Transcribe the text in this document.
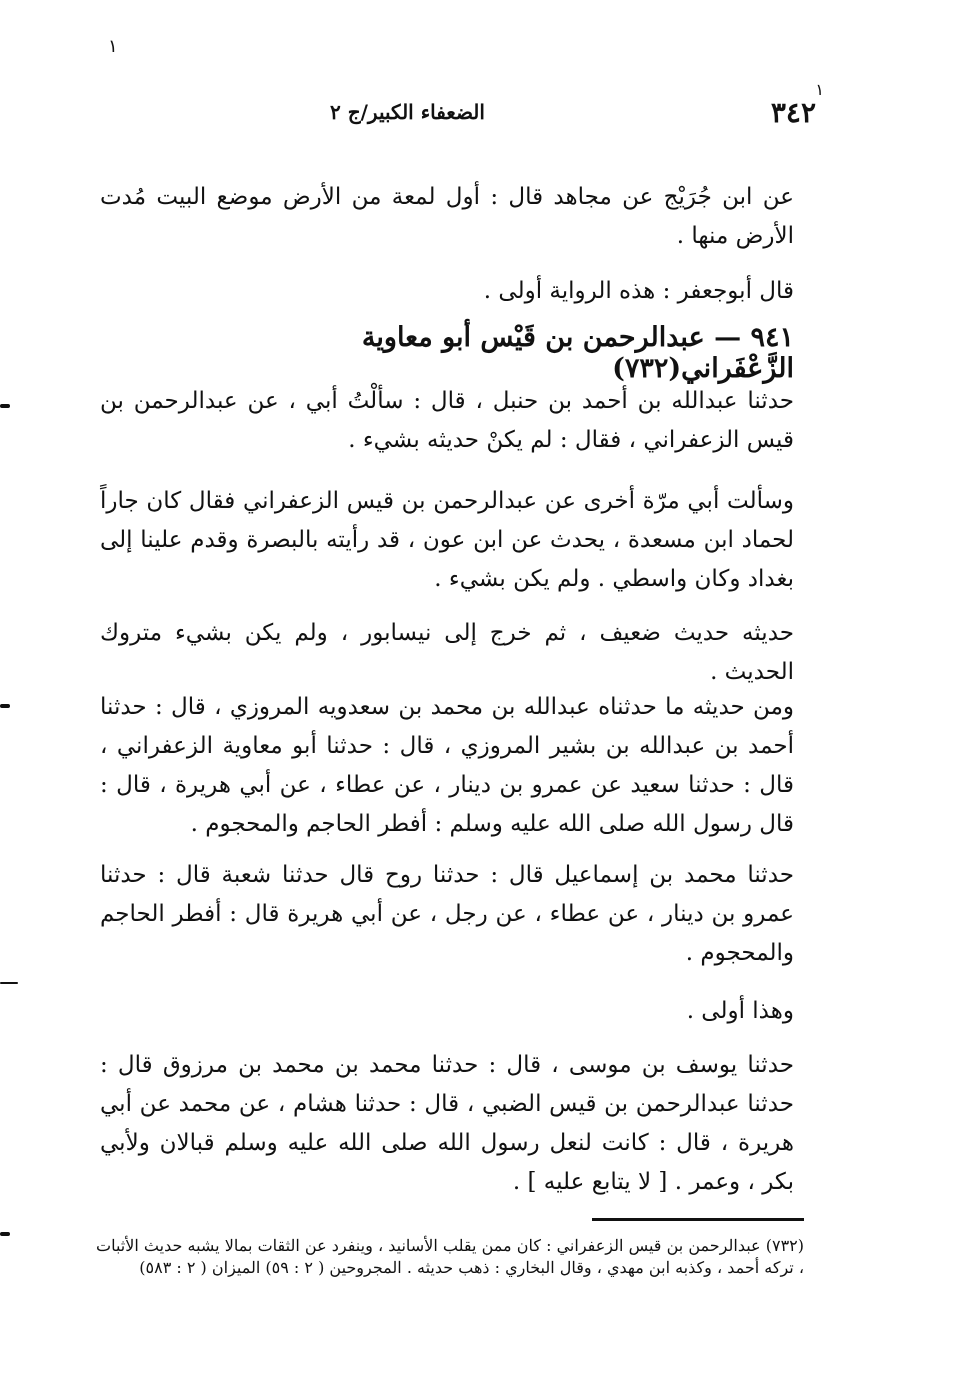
١
١
٣٤٢
الضعفاء الكبير/ج ٢
عن ابن جُرَيْج عن مجاهد قال : أول لمعة من الأرض موضع البيت مُدت الأرض منها .
قال أبوجعفر : هذه الرواية أولى .
٩٤١ — عبدالرحمن بن قَيْس أبو معاوية الزَّعْفَراني(٧٣٢)
حدثنا عبدالله بن أحمد بن حنبل ، قال : سألْتُ أبي ، عن عبدالرحمن بن قيس الزعفراني ، فقال : لم يكنْ حديثه بشيء .
وسألت أبي مرّة أخرى عن عبدالرحمن بن قيس الزعفراني فقال كان جاراً لحماد ابن مسعدة ، يحدث عن ابن عون ، قد رأيته بالبصرة وقدم علينا إلى بغداد وكان واسطي . ولم يكن بشيء .
حديثه حديث ضعيف ، ثم خرج إلى نيسابور ، ولم يكن بشيء متروك الحديث .
ومن حديثه ما حدثناه عبدالله بن محمد بن سعدويه المروزي ، قال : حدثنا أحمد بن عبدالله بن بشير المروزي ، قال : حدثنا أبو معاوية الزعفراني ، قال : حدثنا سعيد عن عمرو بن دينار ، عن عطاء ، عن أبي هريرة ، قال : قال رسول الله صلى الله عليه وسلم : أفطر الحاجم والمحجوم .
حدثنا محمد بن إسماعيل قال : حدثنا روح قال حدثنا شعبة قال : حدثنا عمرو بن دينار ، عن عطاء ، عن رجل ، عن أبي هريرة قال : أفطر الحاجم والمحجوم .
وهذا أولى .
حدثنا يوسف بن موسى ، قال : حدثنا محمد بن محمد بن مرزوق قال : حدثنا عبدالرحمن بن قيس الضبي ، قال : حدثنا هشام ، عن محمد عن أبي هريرة ، قال : كانت لنعل رسول الله صلى الله عليه وسلم قبالان ولأبي بكر ، وعمر . [ لا يتابع عليه ] .
(٧٣٢) عبدالرحمن بن قيس الزعفراني : كان ممن يقلب الأسانيد ، وينفرد عن الثقات بمالا يشبه حديث الأثبات ، تركه أحمد ، وكذبه ابن مهدي ، وقال البخاري : ذهب حديثه . المجروحين ( ٢ : ٥٩) الميزان ( ٢ : ٥٨٣)
